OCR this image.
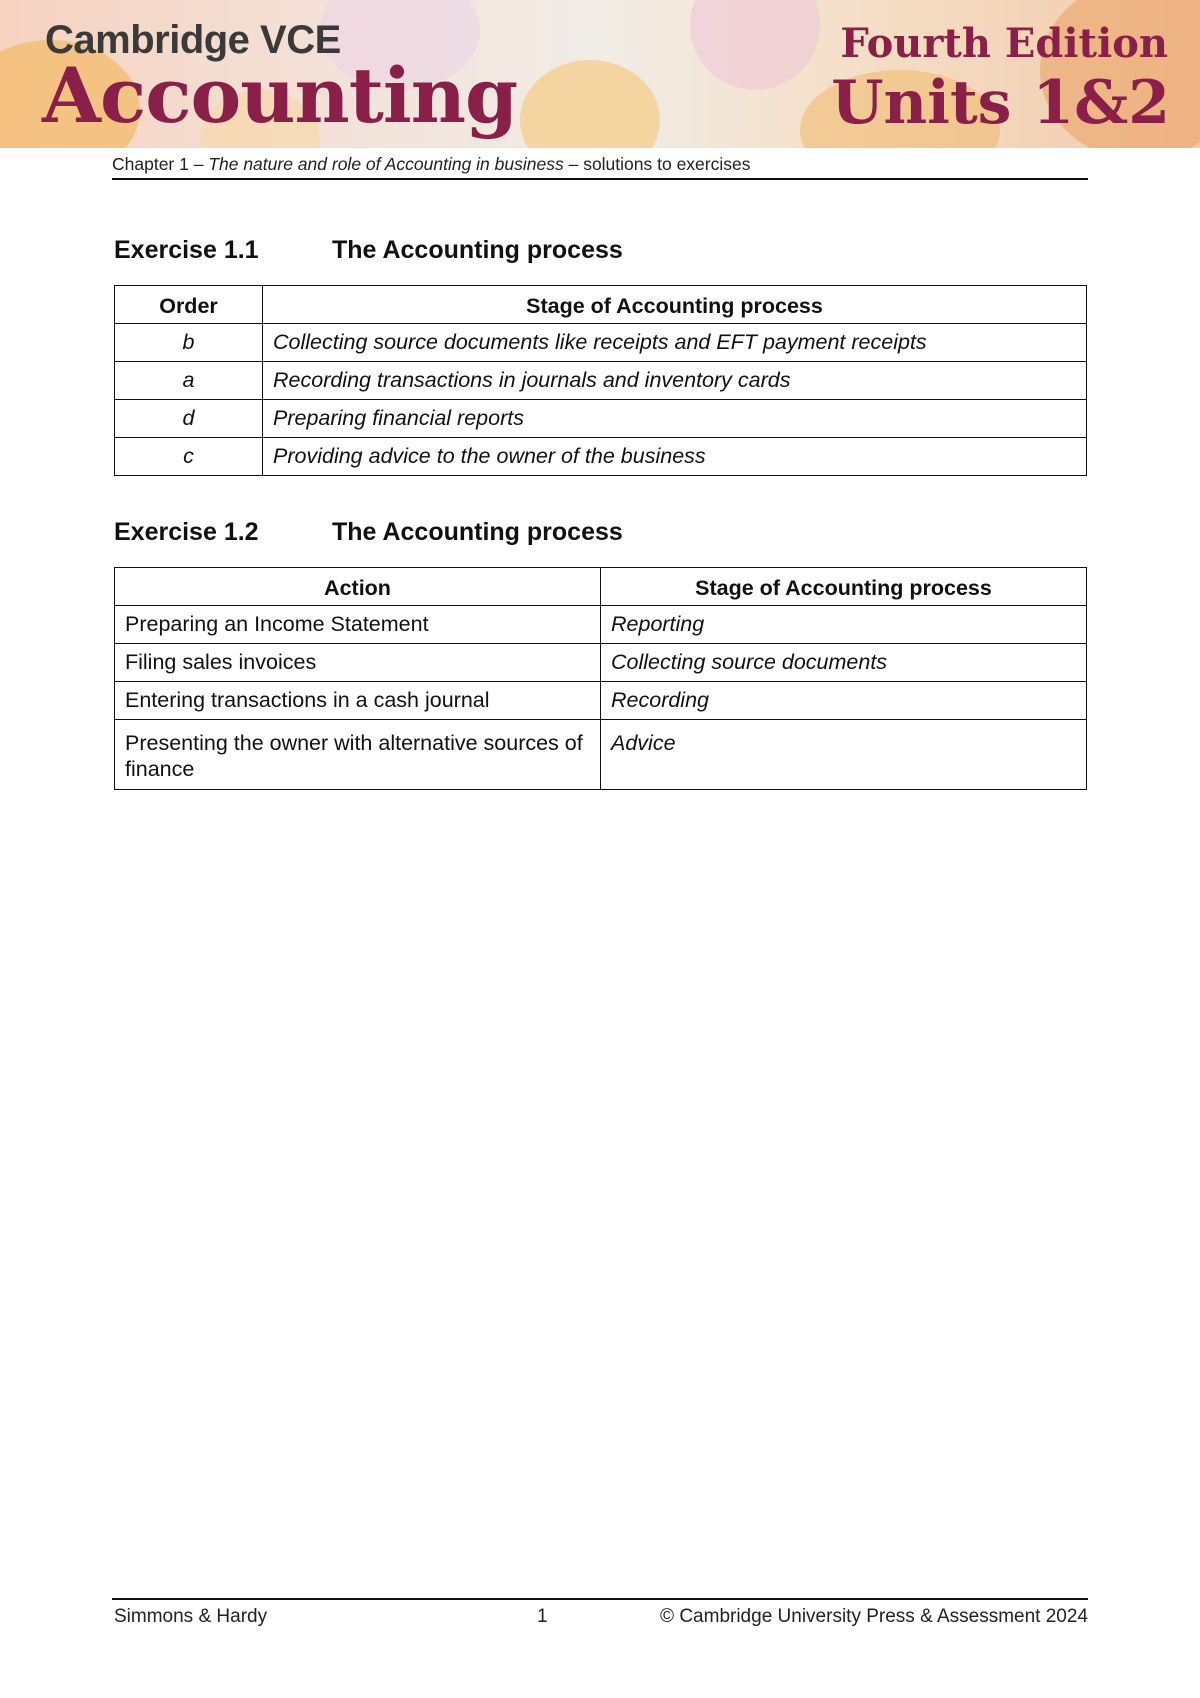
Cambridge VCE

Accounting

Fourth Edition

Units 1&2

Chapter 1 – The nature and role of Accounting in business – solutions to exercises
Exercise 1.1	The Accounting process
Order	Stage of Accounting process
b	Collecting source documents like receipts and EFT payment receipts
a	Recording transactions in journals and inventory cards
d	Preparing financial reports
c	Providing advice to the owner of the business
Exercise 1.2	The Accounting process
Action	Stage of Accounting process
Preparing an Income Statement	Reporting
Filing sales invoices	Collecting source documents
Entering transactions in a cash journal	Recording
Presenting the owner with alternative sources of finance	Advice
Simmons & Hardy	1	© Cambridge University Press & Assessment 2024
